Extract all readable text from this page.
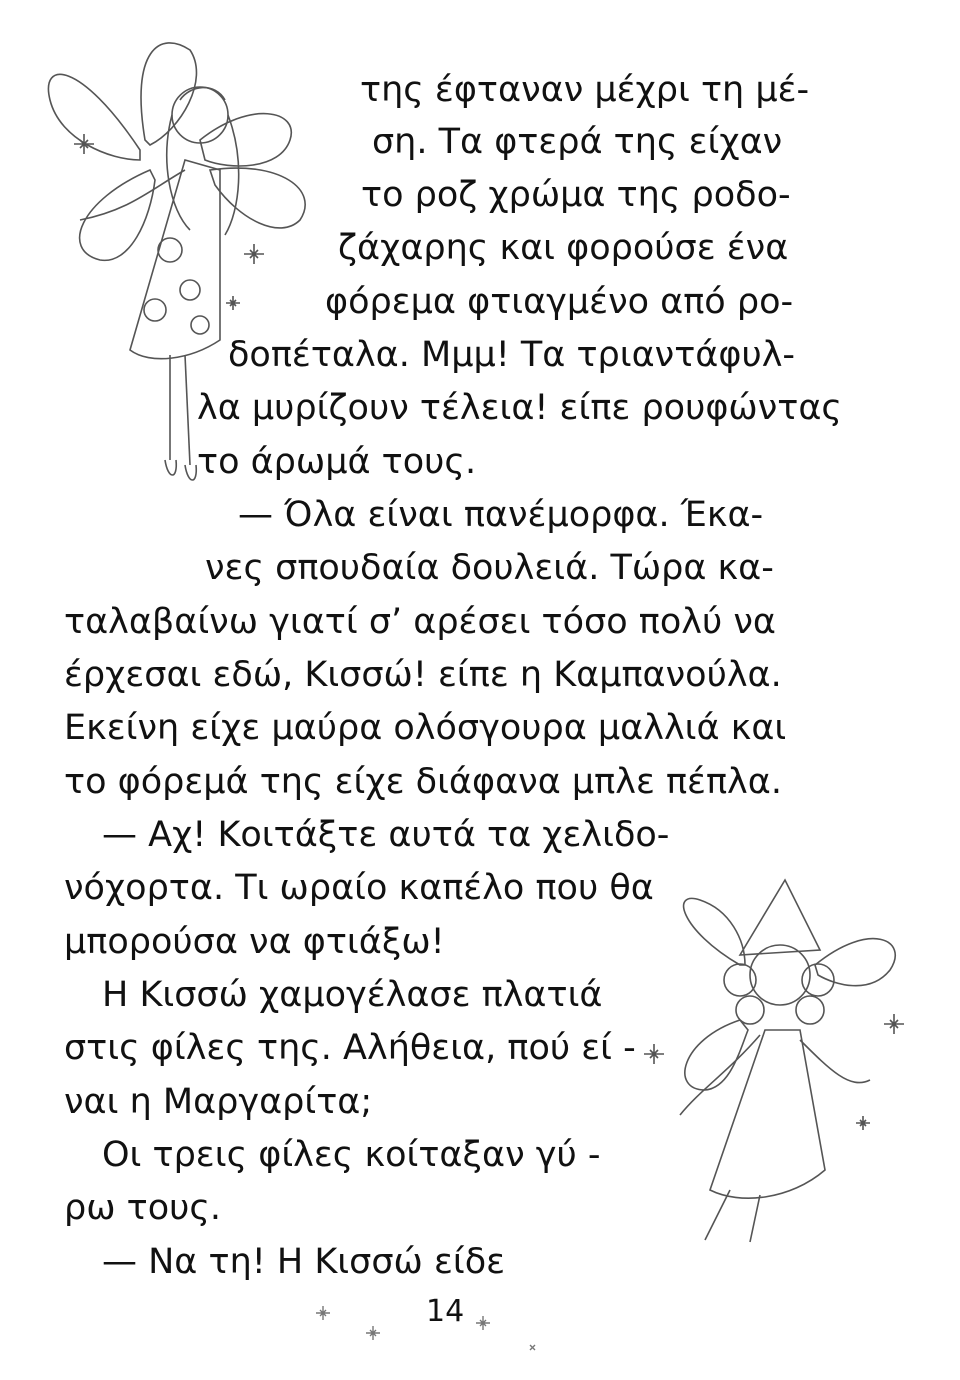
της έφταναν μέχρι τη μέ-
ση. Τα φτερά της είχαν
το ροζ χρώμα της ροδο-
ζάχαρης και φορούσε ένα
φόρεμα φτιαγμένο από ρο-
δοπέταλα. Μμμ! Τα τριαντάφυλ-
λα μυρίζουν τέλεια! είπε ρουφώντας
το άρωμά τους.
— Όλα είναι πανέμορφα. Έκα-
νες σπουδαία δουλειά. Τώρα κα-
ταλαβαίνω γιατί σ’ αρέσει τόσο πολύ να
έρχεσαι εδώ, Κισσώ! είπε η Καμπανούλα.
Εκείνη είχε μαύρα ολόσγουρα μαλλιά και
το φόρεμά της είχε διάφανα μπλε πέπλα.
— Αχ! Κοιτάξτε αυτά τα χελιδο-
νόχορτα. Τι ωραίο καπέλο που θα
μπορούσα να φτιάξω!
Η Κισσώ χαμογέλασε πλατιά
στις φίλες της. Αλήθεια, πού εί -
ναι η Μαργαρίτα;
Οι τρεις φίλες κοίταξαν γύ -
ρω τους.
— Να τη! Η Κισσώ είδε
14
